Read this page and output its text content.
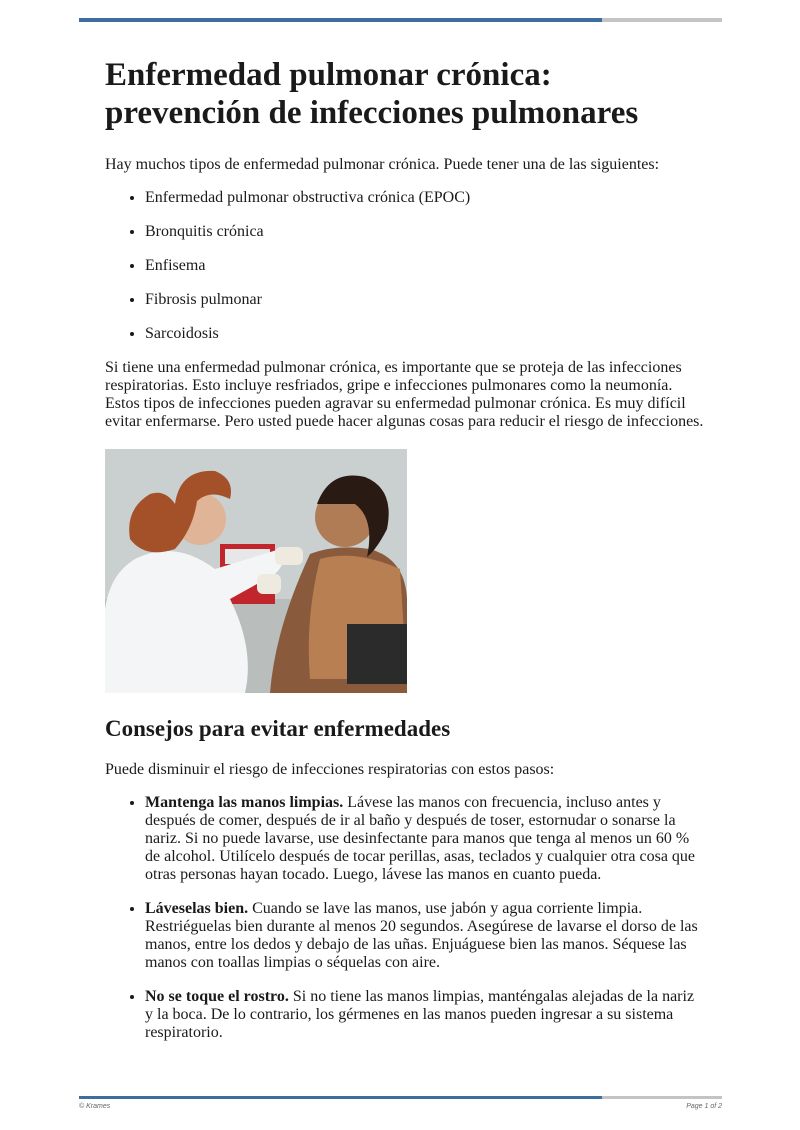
Enfermedad pulmonar crónica: prevención de infecciones pulmonares

Hay muchos tipos de enfermedad pulmonar crónica. Puede tener una de las siguientes:

• Enfermedad pulmonar obstructiva crónica (EPOC)
• Bronquitis crónica
• Enfisema
• Fibrosis pulmonar
• Sarcoidosis

Si tiene una enfermedad pulmonar crónica, es importante que se proteja de las infecciones respiratorias. Esto incluye resfriados, gripe e infecciones pulmonares como la neumonía. Estos tipos de infecciones pueden agravar su enfermedad pulmonar crónica. Es muy difícil evitar enfermarse. Pero usted puede hacer algunas cosas para reducir el riesgo de infecciones.

Consejos para evitar enfermedades

Puede disminuir el riesgo de infecciones respiratorias con estos pasos:

• Mantenga las manos limpias. Lávese las manos con frecuencia, incluso antes y después de comer, después de ir al baño y después de toser, estornudar o sonarse la nariz. Si no puede lavarse, use desinfectante para manos que tenga al menos un 60 % de alcohol. Utilícelo después de tocar perillas, asas, teclados y cualquier otra cosa que otras personas hayan tocado. Luego, lávese las manos en cuanto pueda.
• Láveselas bien. Cuando se lave las manos, use jabón y agua corriente limpia. Restriéguelas bien durante al menos 20 segundos. Asegúrese de lavarse el dorso de las manos, entre los dedos y debajo de las uñas. Enjuáguese bien las manos. Séquese las manos con toallas limpias o séquelas con aire.
• No se toque el rostro. Si no tiene las manos limpias, manténgalas alejadas de la nariz y la boca. De lo contrario, los gérmenes en las manos pueden ingresar a su sistema respiratorio.
© Krames	Page 1 of 2
